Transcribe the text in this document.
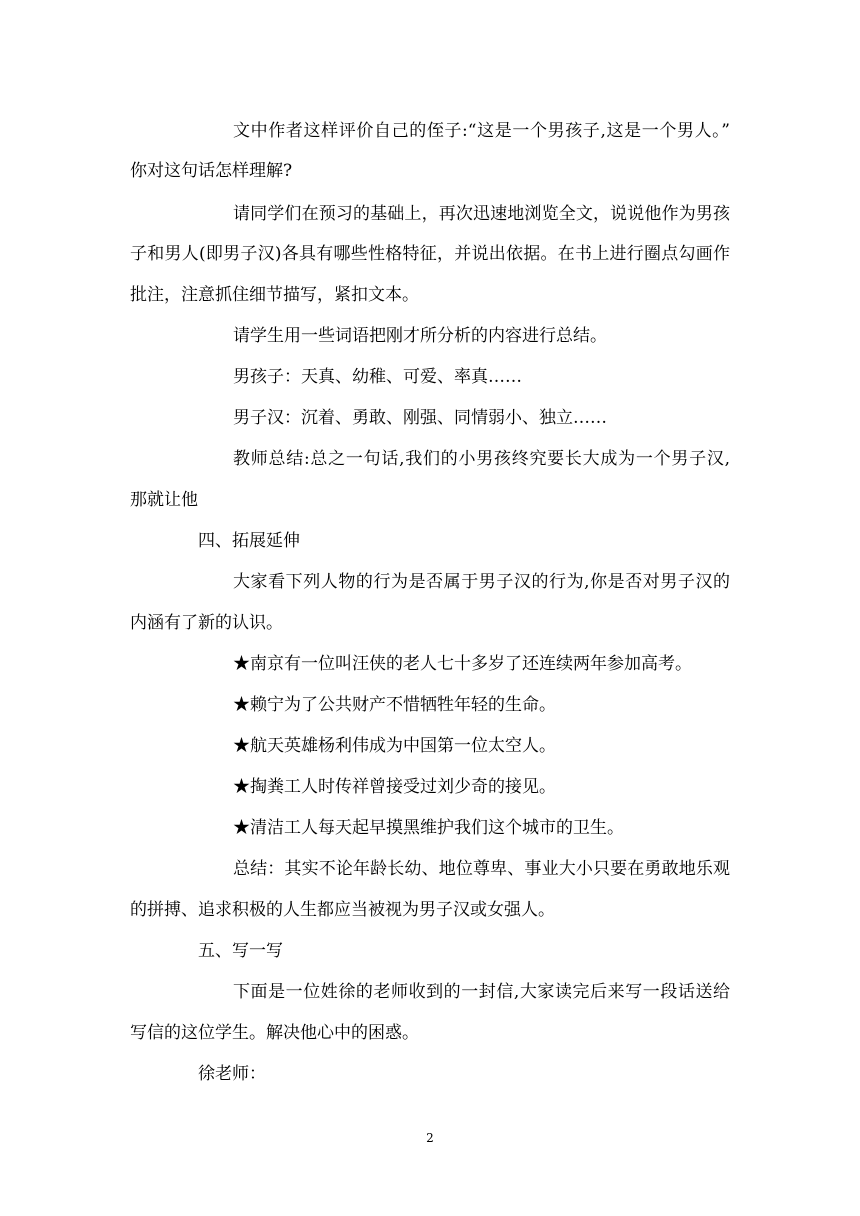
文中作者这样评价自己的侄子:“这是一个男孩子,这是一个男人。”
你对这句话怎样理解?
请同学们在预习的基础上，再次迅速地浏览全文，说说他作为男孩
子和男人(即男子汉)各具有哪些性格特征，并说出依据。在书上进行圈点勾画作
批注，注意抓住细节描写，紧扣文本。
请学生用一些词语把刚才所分析的内容进行总结。
男孩子：天真、幼稚、可爱、率真……
男子汉：沉着、勇敢、刚强、同情弱小、独立……
教师总结:总之一句话,我们的小男孩终究要长大成为一个男子汉,
那就让他
四、拓展延伸
大家看下列人物的行为是否属于男子汉的行为,你是否对男子汉的
内涵有了新的认识。
★南京有一位叫汪侠的老人七十多岁了还连续两年参加高考。
★赖宁为了公共财产不惜牺牲年轻的生命。
★航天英雄杨利伟成为中国第一位太空人。
★掏粪工人时传祥曾接受过刘少奇的接见。
★清洁工人每天起早摸黑维护我们这个城市的卫生。
总结：其实不论年龄长幼、地位尊卑、事业大小只要在勇敢地乐观
的拼搏、追求积极的人生都应当被视为男子汉或女强人。
五、写一写
下面是一位姓徐的老师收到的一封信,大家读完后来写一段话送给
写信的这位学生。解决他心中的困惑。
徐老师：
2
